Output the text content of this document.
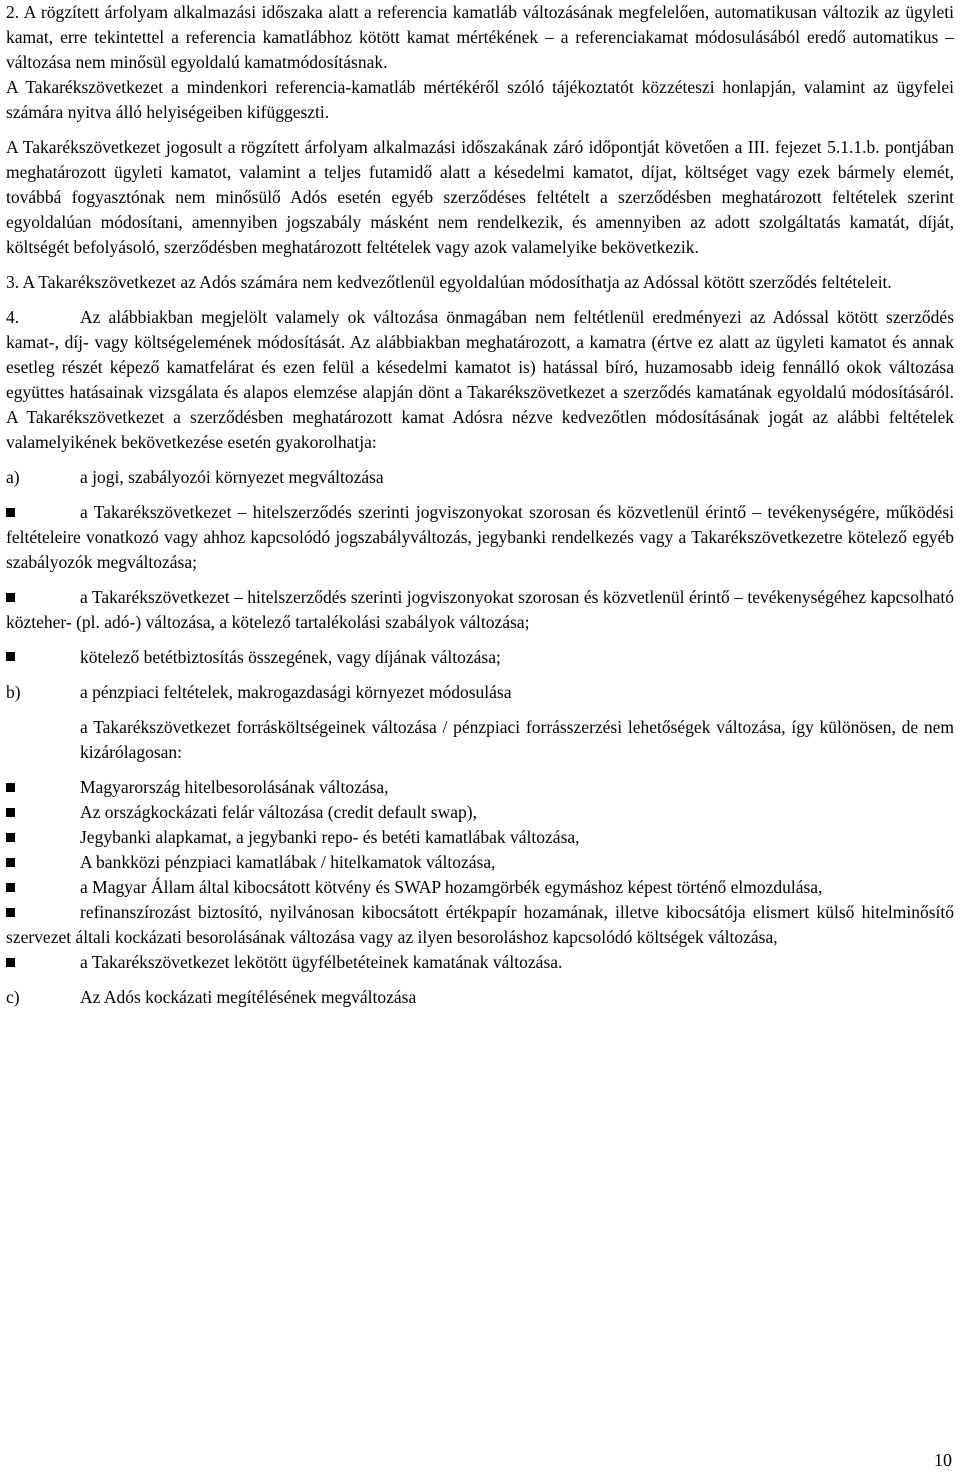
2. A rögzített árfolyam alkalmazási időszaka alatt a referencia kamatláb változásának megfelelően, automatikusan változik az ügyleti kamat, erre tekintettel a referencia kamatlábhoz kötött kamat mértékének – a referenciakamat módosulásából eredő automatikus – változása nem minősül egyoldalú kamatmódosításnak.

A Takarékszövetkezet a mindenkori referencia-kamatláb mértékéről szóló tájékoztatót közzéteszi honlapján, valamint az ügyfelei számára nyitva álló helyiségeiben kifüggeszti.

A Takarékszövetkezet jogosult a rögzített árfolyam alkalmazási időszakának záró időpontját követően a III. fejezet 5.1.1.b. pontjában meghatározott ügyleti kamatot, valamint a teljes futamidő alatt a késedelmi kamatot, díjat, költséget vagy ezek bármely elemét, továbbá fogyasztónak nem minősülő Adós esetén egyéb szerződéses feltételt a szerződésben meghatározott feltételek szerint egyoldalúan módosítani, amennyiben jogszabály másként nem rendelkezik, és amennyiben az adott szolgáltatás kamatát, díját, költségét befolyásoló, szerződésben meghatározott feltételek vagy azok valamelyike bekövetkezik.

3. A Takarékszövetkezet az Adós számára nem kedvezőtlenül egyoldalúan módosíthatja az Adóssal kötött szerződés feltételeit.

4.	Az alábbiakban megjelölt valamely ok változása önmagában nem feltétlenül eredményezi az Adóssal kötött szerződés kamat-, díj- vagy költségelemének módosítását. Az alábbiakban meghatározott, a kamatra (értve ez alatt az ügyleti kamatot és annak esetleg részét képező kamatfelárat és ezen felül a késedelmi kamatot is) hatással bíró, huzamosabb ideig fennálló okok változása együttes hatásainak vizsgálata és alapos elemzése alapján dönt a Takarékszövetkezet a szerződés kamatának egyoldalú módosításáról. A Takarékszövetkezet a szerződésben meghatározott kamat Adósra nézve kedvezőtlen módosításának jogát az alábbi feltételek valamelyikének bekövetkezése esetén gyakorolhatja:

a)	a jogi, szabályozói környezet megváltozása

a Takarékszövetkezet – hitelszerződés szerinti jogviszonyokat szorosan és közvetlenül érintő – tevékenységére, működési feltételeire vonatkozó vagy ahhoz kapcsolódó jogszabályváltozás, jegybanki rendelkezés vagy a Takarékszövetkezetre kötelező egyéb szabályozók megváltozása;

a Takarékszövetkezet – hitelszerződés szerinti jogviszonyokat szorosan és közvetlenül érintő – tevékenységéhez kapcsolható közteher- (pl. adó-) változása, a kötelező tartalékolási szabályok változása;

kötelező betétbiztosítás összegének, vagy díjának változása;
b)	a pénzpiaci feltételek, makrogazdasági környezet módosulása

a Takarékszövetkezet forrásköltségeinek változása / pénzpiaci forrásszerzési lehetőségek változása, így különösen, de nem kizárólagosan:

Magyarország hitelbesorolásának változása,

Az országkockázati felár változása (credit default swap),

Jegybanki alapkamat, a jegybanki repo- és betéti kamatlábak változása,

A bankközi pénzpiaci kamatlábak / hitelkamatok változása,

a Magyar Állam által kibocsátott kötvény és SWAP hozamgörbék egymáshoz képest történő elmozdulása,

refinanszírozást biztosító, nyilvánosan kibocsátott értékpapír hozamának, illetve kibocsátója elismert külső hitelminősítő szervezet általi kockázati besorolásának változása vagy az ilyen besoroláshoz kapcsolódó költségek változása,

a Takarékszövetkezet lekötött ügyfélbetéteinek kamatának változása.

c)	Az Adós kockázati megítélésének megváltozása
10
